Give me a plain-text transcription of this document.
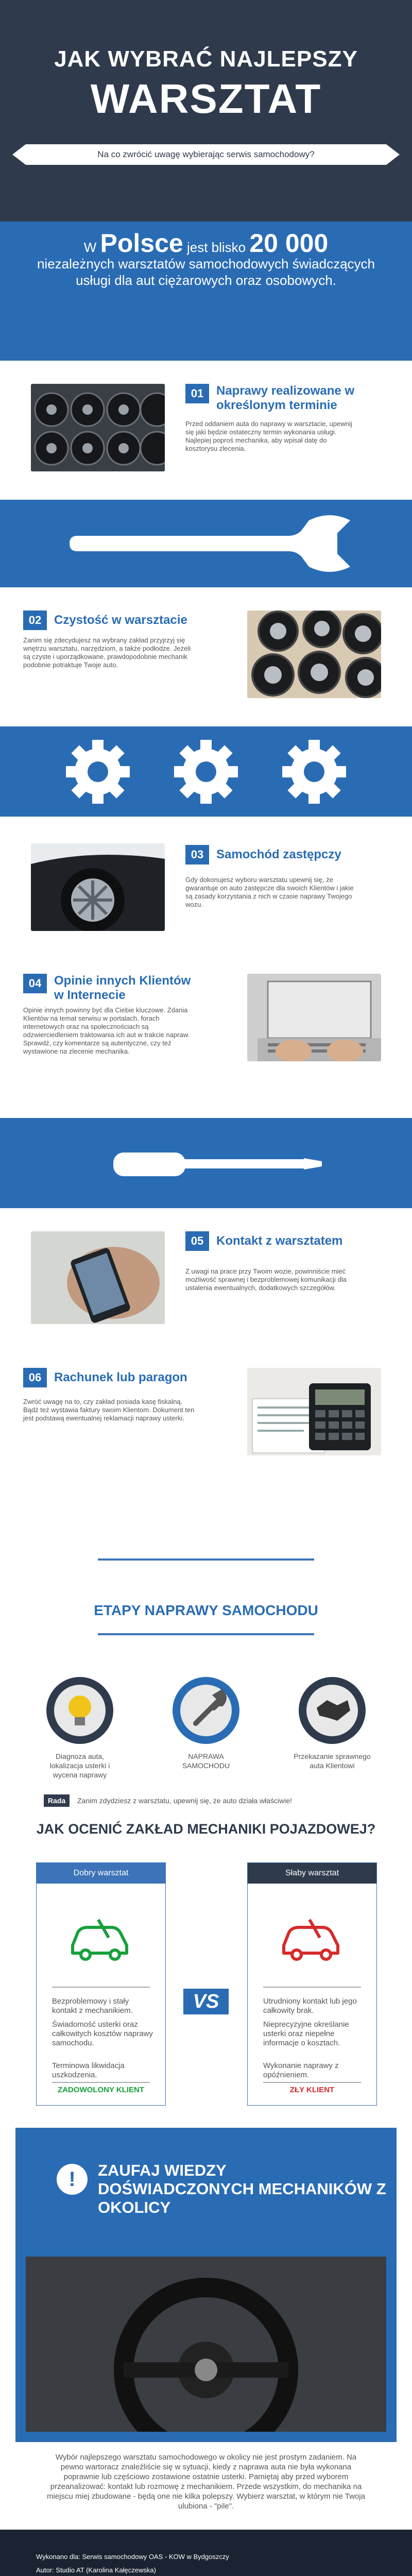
JAK WYBRAĆ NAJLEPSZY
WARSZTAT
Na co zwrócić uwagę wybierając serwis samochodowy?
W Polsce jest blisko 20 000
niezależnych warsztatów samochodowych świadczących usługi dla aut ciężarowych oraz osobowych.
01	Naprawy realizowane w określonym terminie
Przed oddaniem auta do naprawy w warsztacie, upewnij się jaki będzie ostateczny termin wykonania usługi. Najlepiej poproś mechanika, aby wpisał datę do kosztorysu zlecenia.
02	Czystość w warsztacie
Zanim się zdecydujesz na wybrany zakład przyjrzyj się wnętrzu warsztatu, narzędziom, a także podłodze. Jeżeli są czyste i uporządkowane, prawdopodobnie mechanik podobnie potraktuje Twoje auto.
03	Samochód zastępczy
Gdy dokonujesz wyboru warsztatu upewnij się, że gwarantuje on auto zastępcze dla swoich Klientów i jakie są zasady korzystania z nich w czasie naprawy Twojego wozu.
04	Opinie innych Klientów w Internecie
Opinie innych powinny być dla Ciebie kluczowe. Zdania Klientów na temat serwisu w portalach, forach internetowych oraz na społecznościach są odzwierciedleniem traktowania ich aut w trakcie napraw. Sprawdź, czy komentarze są autentyczne, czy też wystawione na zlecenie mechanika.
05	Kontakt z warsztatem
Z uwagi na prace przy Twoim wozie, powinniście mieć możliwość sprawnej i bezproblemowej komunikacji dla ustalenia ewentualnych, dodatkowych szczegółów.
06	Rachunek lub paragon
Zwróć uwagę na to, czy zakład posiada kasę fiskalną. Bądź też wystawia faktury swoim Klientom. Dokument ten jest podstawą ewentualnej reklamacji naprawy usterki.
ETAPY NAPRAWY SAMOCHODU
Diagnoza auta, lokalizacja usterki i wycena naprawy
NAPRAWA SAMOCHODU
Przekazanie sprawnego auta Klientowi
Rada	Zanim zdydziesz z warsztatu, upewnij się, że auto działa właściwie!
JAK OCENIĆ ZAKŁAD MECHANIKI POJAZDOWEJ?
Dobry warsztat
Bezproblemowy i stały kontakt z mechanikiem.
Świadomość usterki oraz całkowitych kosztów naprawy samochodu.
Terminowa likwidacja uszkodzenia.
ZADOWOLONY KLIENT
VS
Słaby warsztat
Utrudniony kontakt lub jego całkowity brak.
Nieprecyzyjne określanie usterki oraz niepełne informacje o kosztach.
Wykonanie naprawy z opóźnieniem.
ZŁY KLIENT
!	ZAUFAJ WIEDZY DOŚWIADCZONYCH MECHANIKÓW Z OKOLICY
Wybór najlepszego warsztatu samochodowego w okolicy nie jest prostym zadaniem. Na pewno wartoracz znaleźliście się w sytuacji, kiedy z naprawa auta nie była wykonana poprawnie lub częściowo zostawione ostatnie usterki. Pamiętaj aby przed wyborem przeanalizować: kontakt lub rozmowę z mechanikiem. Przede wszystkim, do mechanika na miejscu miej zbudowane - będą one nie kilka polepszy. Wybierz warsztat, w którym nie Twoja ulubiona - "pile".
Wykonano dla: Serwis samochodowy OAS - KOW w Bydgoszczy
Autor: Studio AT (Karolina Kałęczewska)
